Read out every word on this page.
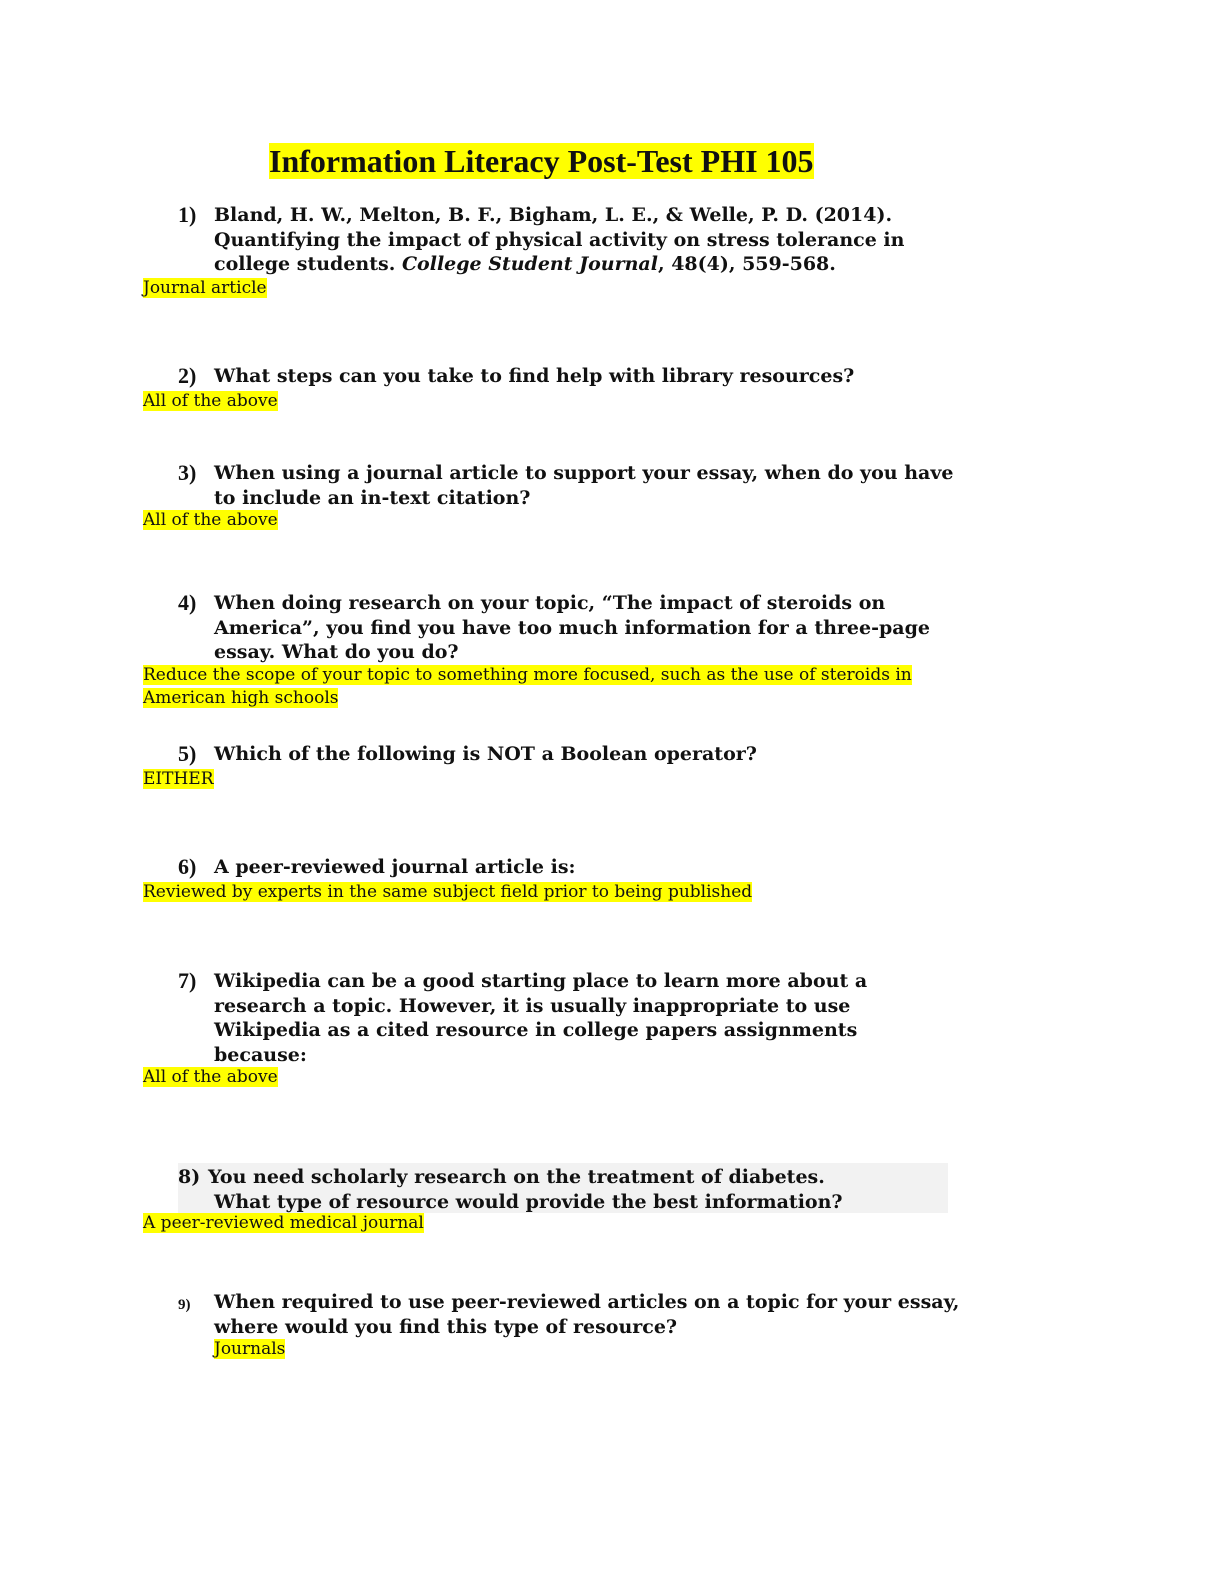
Information Literacy Post-Test PHI 105
1) Bland, H. W., Melton, B. F., Bigham, L. E., & Welle, P. D. (2014).
Quantifying the impact of physical activity on stress tolerance in
college students. College Student Journal, 48(4), 559-568.
Journal article
2) What steps can you take to find help with library resources?
All of the above
3) When using a journal article to support your essay, when do you have
to include an in-text citation?
All of the above
4) When doing research on your topic, “The impact of steroids on
America”, you find you have too much information for a three-page
essay. What do you do?
Reduce the scope of your topic to something more focused, such as the use of steroids in
American high schools
5) Which of the following is NOT a Boolean operator?
EITHER
6) A peer-reviewed journal article is:
Reviewed by experts in the same subject field prior to being published
7) Wikipedia can be a good starting place to learn more about a
research a topic. However, it is usually inappropriate to use
Wikipedia as a cited resource in college papers assignments
because:
All of the above
8) You need scholarly research on the treatment of diabetes.
What type of resource would provide the best information?
A peer-reviewed medical journal
9) When required to use peer-reviewed articles on a topic for your essay,
where would you find this type of resource?
Journals
